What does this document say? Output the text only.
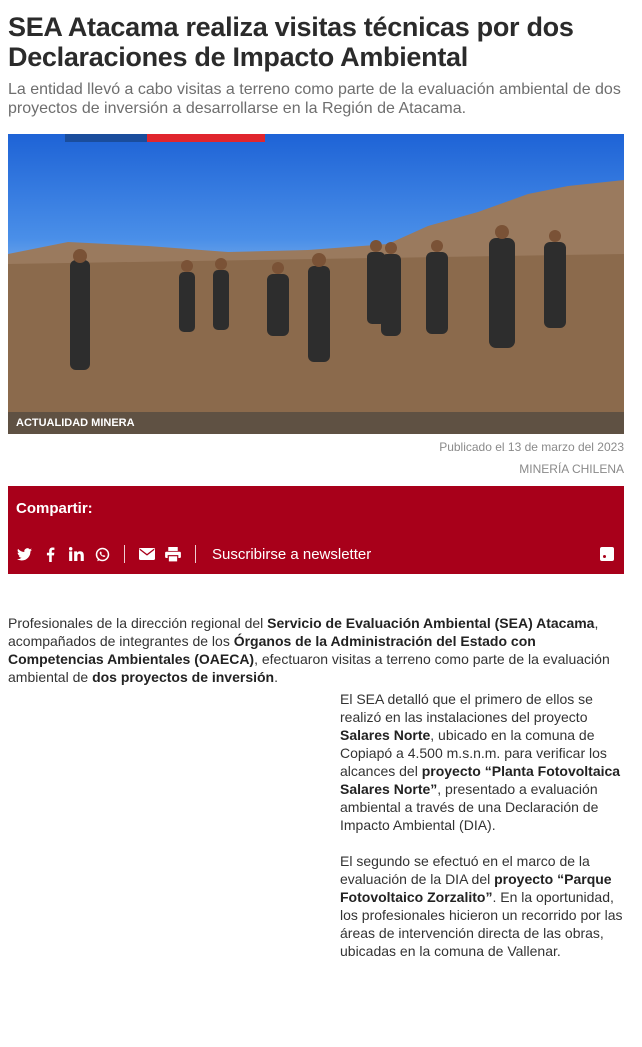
SEA Atacama realiza visitas técnicas por dos Declaraciones de Impacto Ambiental

La entidad llevó a cabo visitas a terreno como parte de la evaluación ambiental de dos proyectos de inversión a desarrollarse en la Región de Atacama.

ACTUALIDAD MINERA
Publicado el 13 de marzo del 2023
MINERÍA CHILENA
Compartir:
Suscribirse a newsletter

Profesionales de la dirección regional del Servicio de Evaluación Ambiental (SEA) Atacama, acompañados de integrantes de los Órganos de la Administración del Estado con Competencias Ambientales (OAECA), efectuaron visitas a terreno como parte de la evaluación ambiental de dos proyectos de inversión.

El SEA detalló que el primero de ellos se realizó en las instalaciones del proyecto Salares Norte, ubicado en la comuna de Copiapó a 4.500 m.s.n.m. para verificar los alcances del proyecto “Planta Fotovoltaica Salares Norte”, presentado a evaluación ambiental a través de una Declaración de Impacto Ambiental (DIA).

El segundo se efectuó en el marco de la evaluación de la DIA del proyecto “Parque Fotovoltaico Zorzalito”. En la oportunidad, los profesionales hicieron un recorrido por las áreas de intervención directa de las obras, ubicadas en la comuna de Vallenar.
